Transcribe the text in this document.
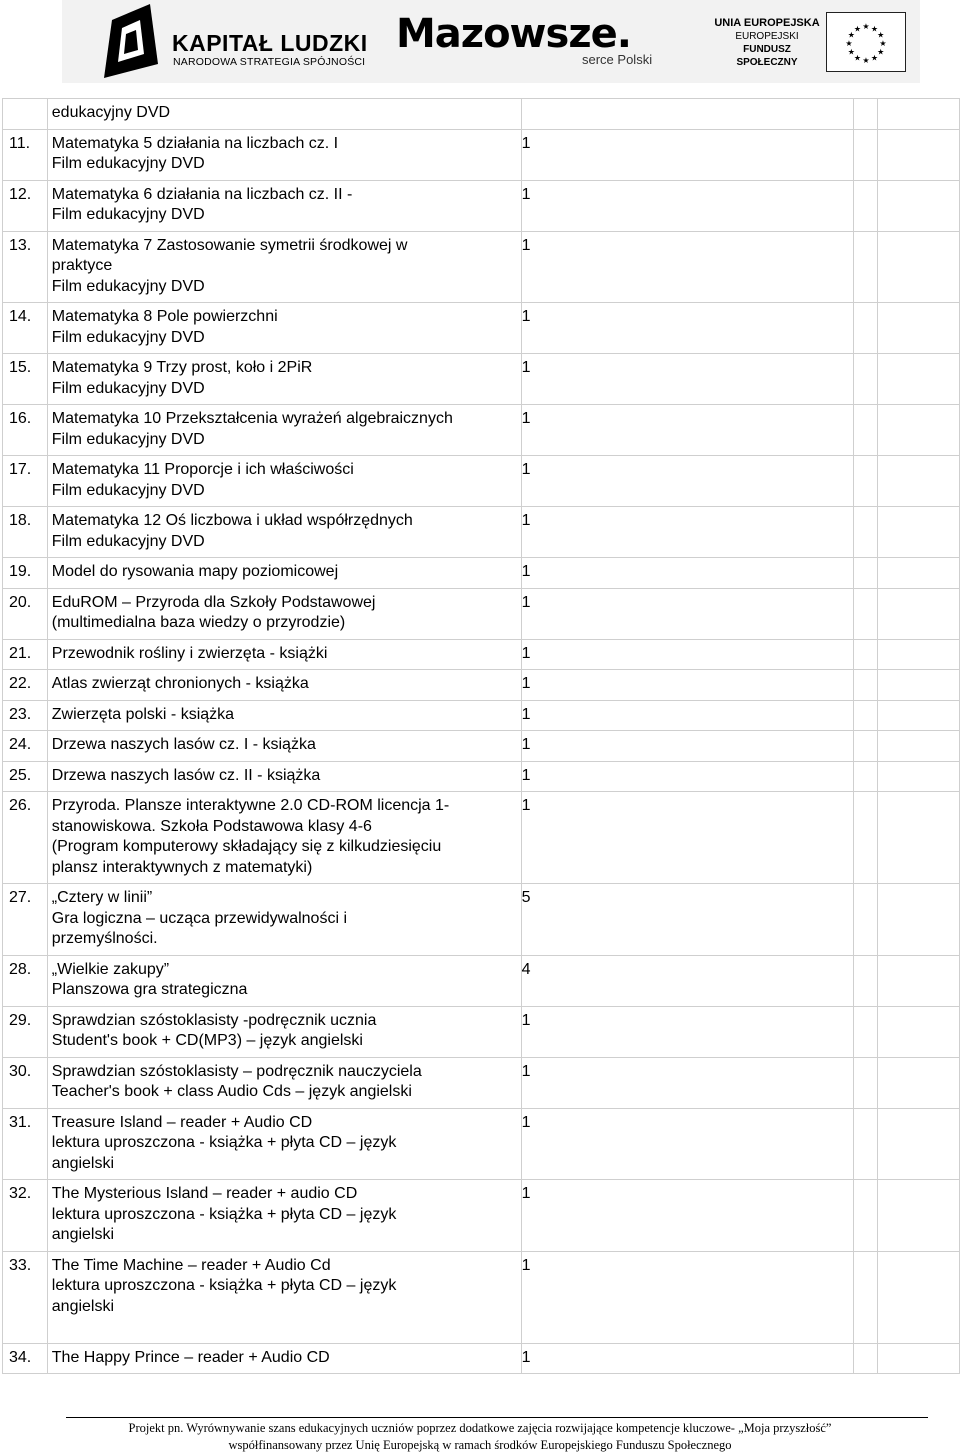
KAPITAŁ LUDZKI
NARODOWA STRATEGIA SPÓJNOŚCI
Mazowsze.
serce Polski
UNIA EUROPEJSKA
EUROPEJSKI
FUNDUSZ SPOŁECZNY
★ ★
★
★
★
★
★
★
★
★
★
★

	edukacyjny DVD			

11.	Matematyka 5 działania na liczbach cz. I
Film edukacyjny DVD	1		
12.	Matematyka 6 działania na liczbach cz. II -
Film edukacyjny DVD	1		
13.	Matematyka 7 Zastosowanie symetrii środkowej w
praktyce
Film edukacyjny DVD	1		
14.	Matematyka 8 Pole powierzchni
Film edukacyjny DVD	1		
15.	Matematyka 9 Trzy prost, koło i 2PiR
Film edukacyjny DVD	1		
16.	Matematyka 10 Przekształcenia wyrażeń algebraicznych
Film edukacyjny DVD	1		
17.	Matematyka 11 Proporcje i ich właściwości
Film edukacyjny DVD	1		
18.	Matematyka 12 Oś liczbowa i układ współrzędnych
Film edukacyjny DVD	1		
19.	Model do rysowania mapy poziomicowej	1		
20.	EduROM – Przyroda dla Szkoły Podstawowej
(multimedialna baza wiedzy o przyrodzie)	1		
21.	Przewodnik rośliny i zwierzęta - książki	1		
22.	Atlas zwierząt chronionych - książka	1		
23.	Zwierzęta polski - książka	1		
24.	Drzewa naszych lasów cz. I - książka	1		
25.	Drzewa naszych lasów cz. II - książka	1		
26.	Przyroda. Plansze interaktywne 2.0 CD-ROM licencja 1-
stanowiskowa. Szkoła Podstawowa klasy 4-6
(Program komputerowy składający się z kilkudziesięciu
plansz interaktywnych z matematyki)	1		
27.	„Cztery w linii”
Gra logiczna – ucząca przewidywalności i
przemyślności.	5		
28.	„Wielkie zakupy”
Planszowa gra strategiczna	4		
29.	Sprawdzian szóstoklasisty -podręcznik ucznia
Student's book + CD(MP3) – język angielski	1		
30.	Sprawdzian szóstoklasisty – podręcznik nauczyciela
Teacher's book + class Audio Cds – język angielski	1		
31.	Treasure Island – reader + Audio CD
lektura uproszczona - książka + płyta CD – język
angielski	1		
32.	The Mysterious Island – reader + audio CD
lektura uproszczona - książka + płyta CD – język
angielski	1		
33.	The Time Machine – reader + Audio Cd
lektura uproszczona - książka + płyta CD – język
angielski	1		
34.	The Happy Prince – reader + Audio CD	1		
Projekt pn. Wyrównywanie szans edukacyjnych uczniów poprzez dodatkowe zajęcia rozwijające kompetencje kluczowe- „Moja przyszłość”
współfinansowany przez Unię Europejską w ramach środków Europejskiego Funduszu Społecznego
